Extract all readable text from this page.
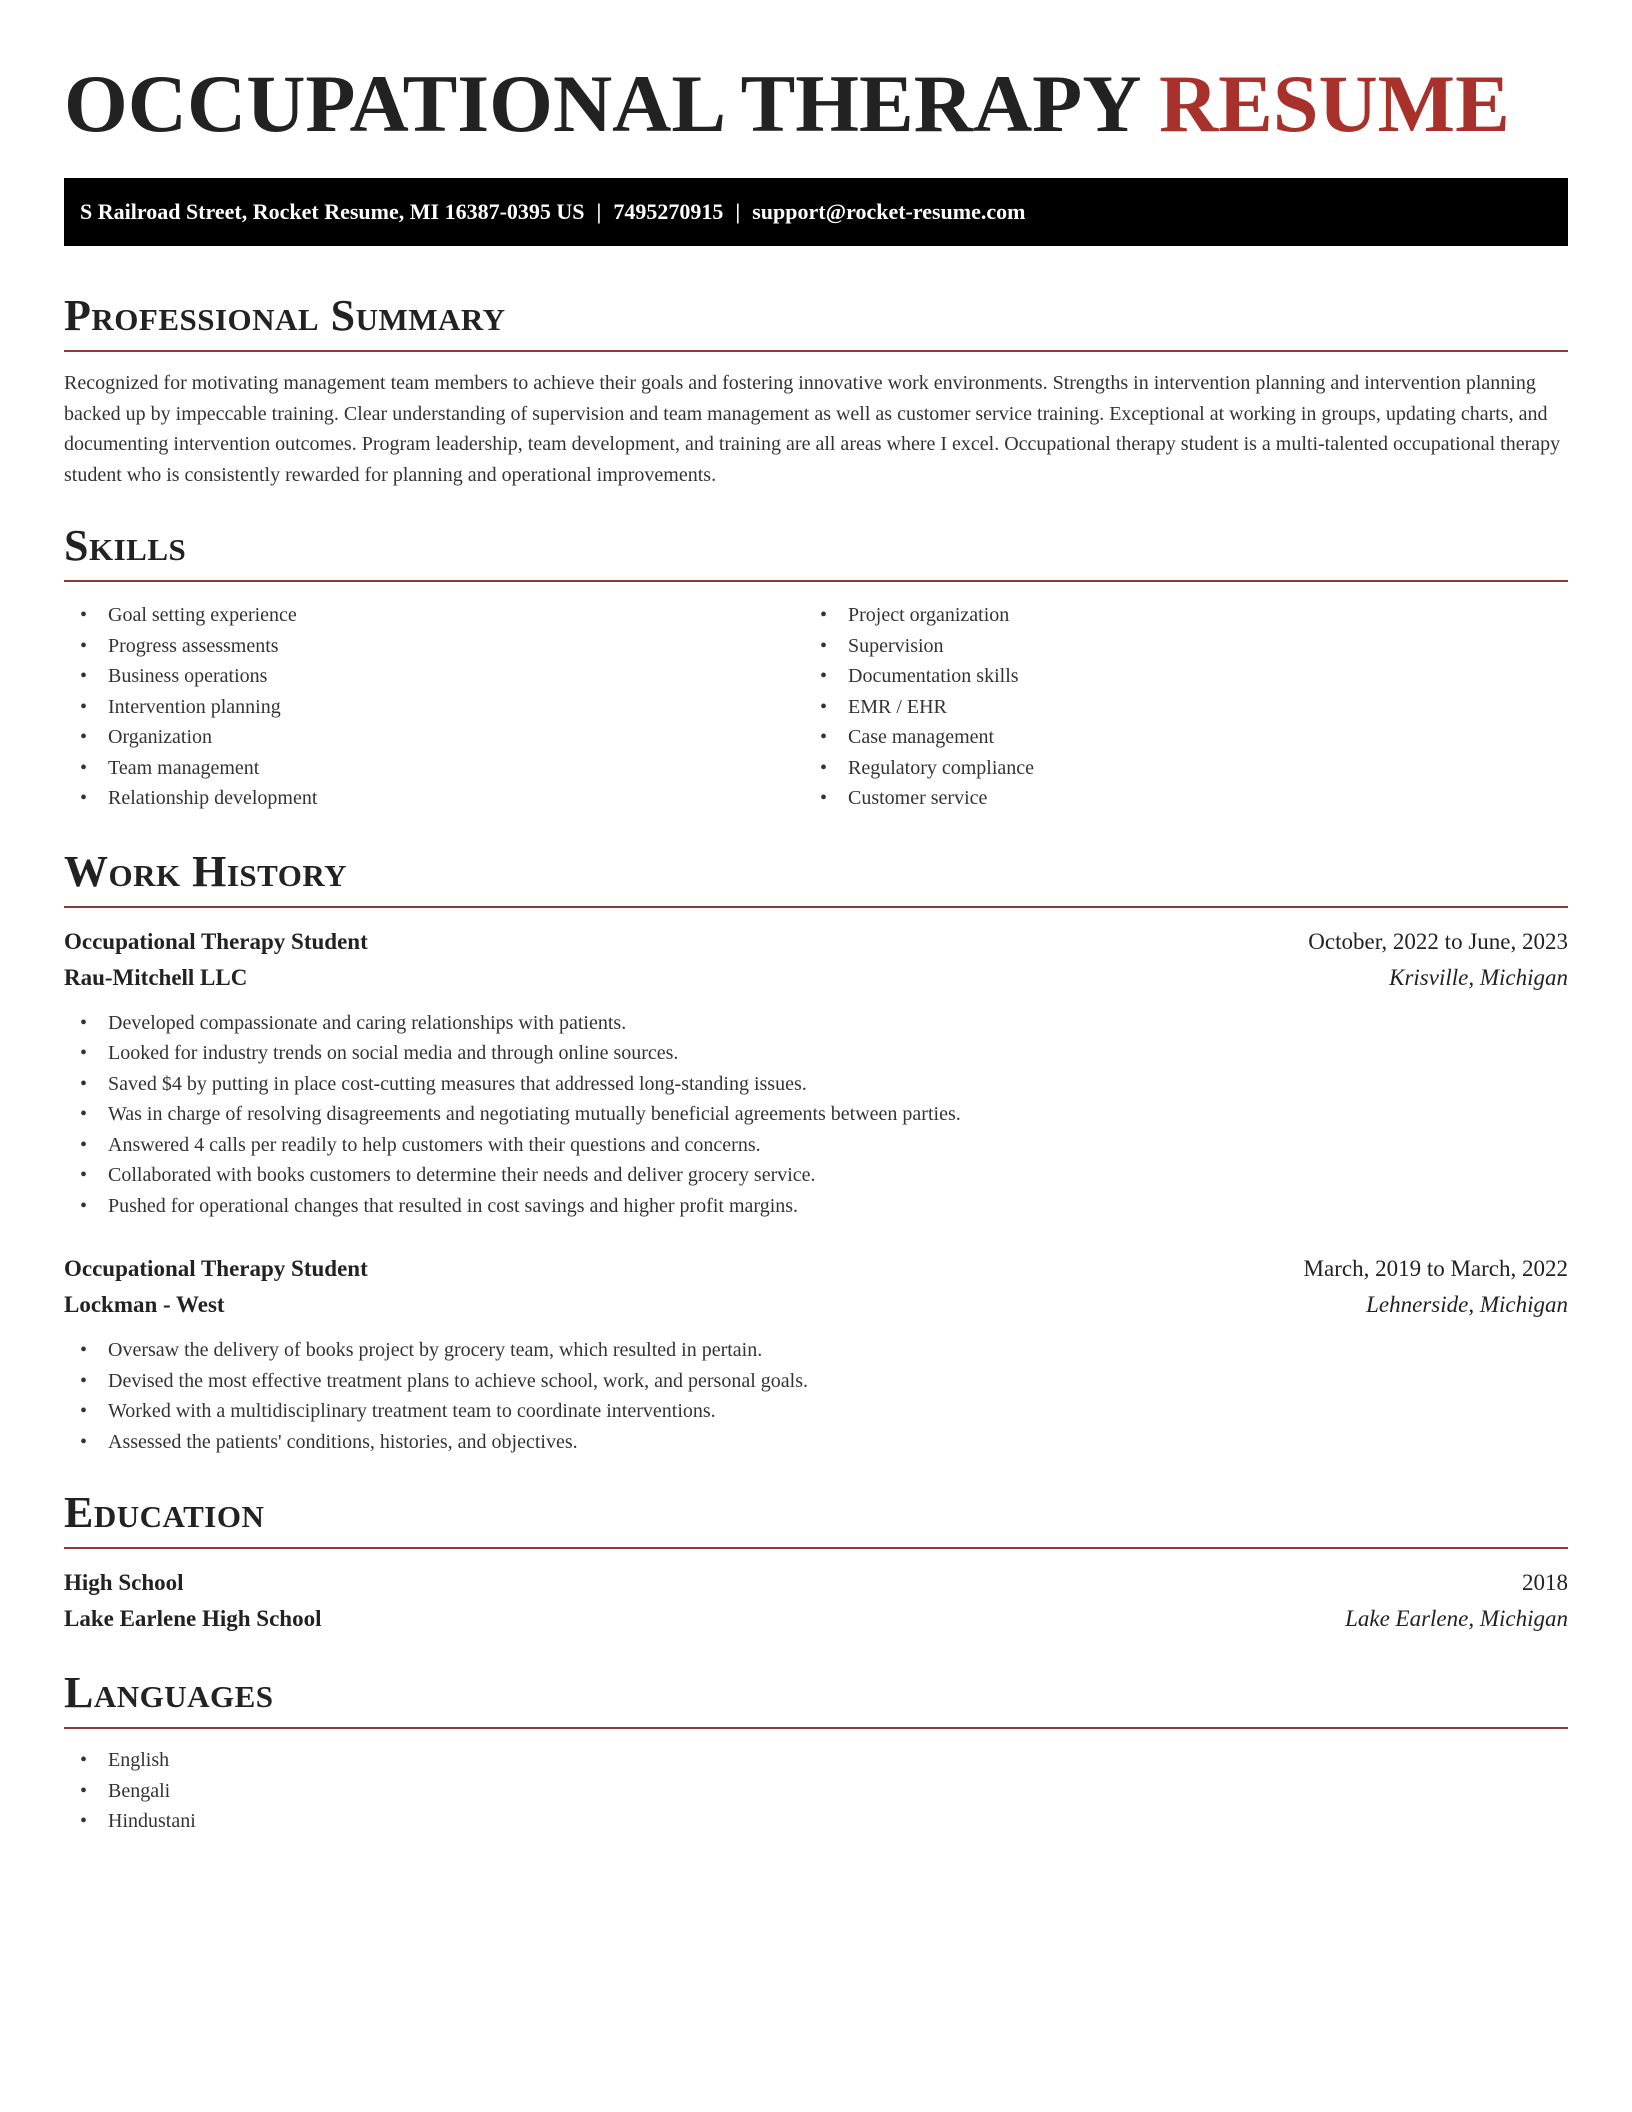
OCCUPATIONAL THERAPY RESUME
S Railroad Street, Rocket Resume, MI 16387-0395 US | 7495270915 | support@rocket-resume.com
Professional Summary

Recognized for motivating management team members to achieve their goals and fostering innovative work environments. Strengths in intervention planning and intervention planning backed up by impeccable training. Clear understanding of supervision and team management as well as customer service training. Exceptional at working in groups, updating charts, and documenting intervention outcomes. Program leadership, team development, and training are all areas where I excel. Occupational therapy student is a multi-talented occupational therapy student who is consistently rewarded for planning and operational improvements.

Skills
• Goal setting experience
• Progress assessments
• Business operations
• Intervention planning
• Organization
• Team management
• Relationship development
• Project organization
• Supervision
• Documentation skills
• EMR / EHR
• Case management
• Regulatory compliance
• Customer service
Work History
Occupational Therapy Student	October, 2022 to June, 2023
Rau-Mitchell LLC	Krisville, Michigan
• Developed compassionate and caring relationships with patients.
• Looked for industry trends on social media and through online sources.
• Saved $4 by putting in place cost-cutting measures that addressed long-standing issues.
• Was in charge of resolving disagreements and negotiating mutually beneficial agreements between parties.
• Answered 4 calls per readily to help customers with their questions and concerns.
• Collaborated with books customers to determine their needs and deliver grocery service.
• Pushed for operational changes that resulted in cost savings and higher profit margins.
Occupational Therapy Student	March, 2019 to March, 2022
Lockman - West	Lehnerside, Michigan
• Oversaw the delivery of books project by grocery team, which resulted in pertain.
• Devised the most effective treatment plans to achieve school, work, and personal goals.
• Worked with a multidisciplinary treatment team to coordinate interventions.
• Assessed the patients' conditions, histories, and objectives.
Education
High School	2018
Lake Earlene High School	Lake Earlene, Michigan
Languages
• English
• Bengali
• Hindustani
